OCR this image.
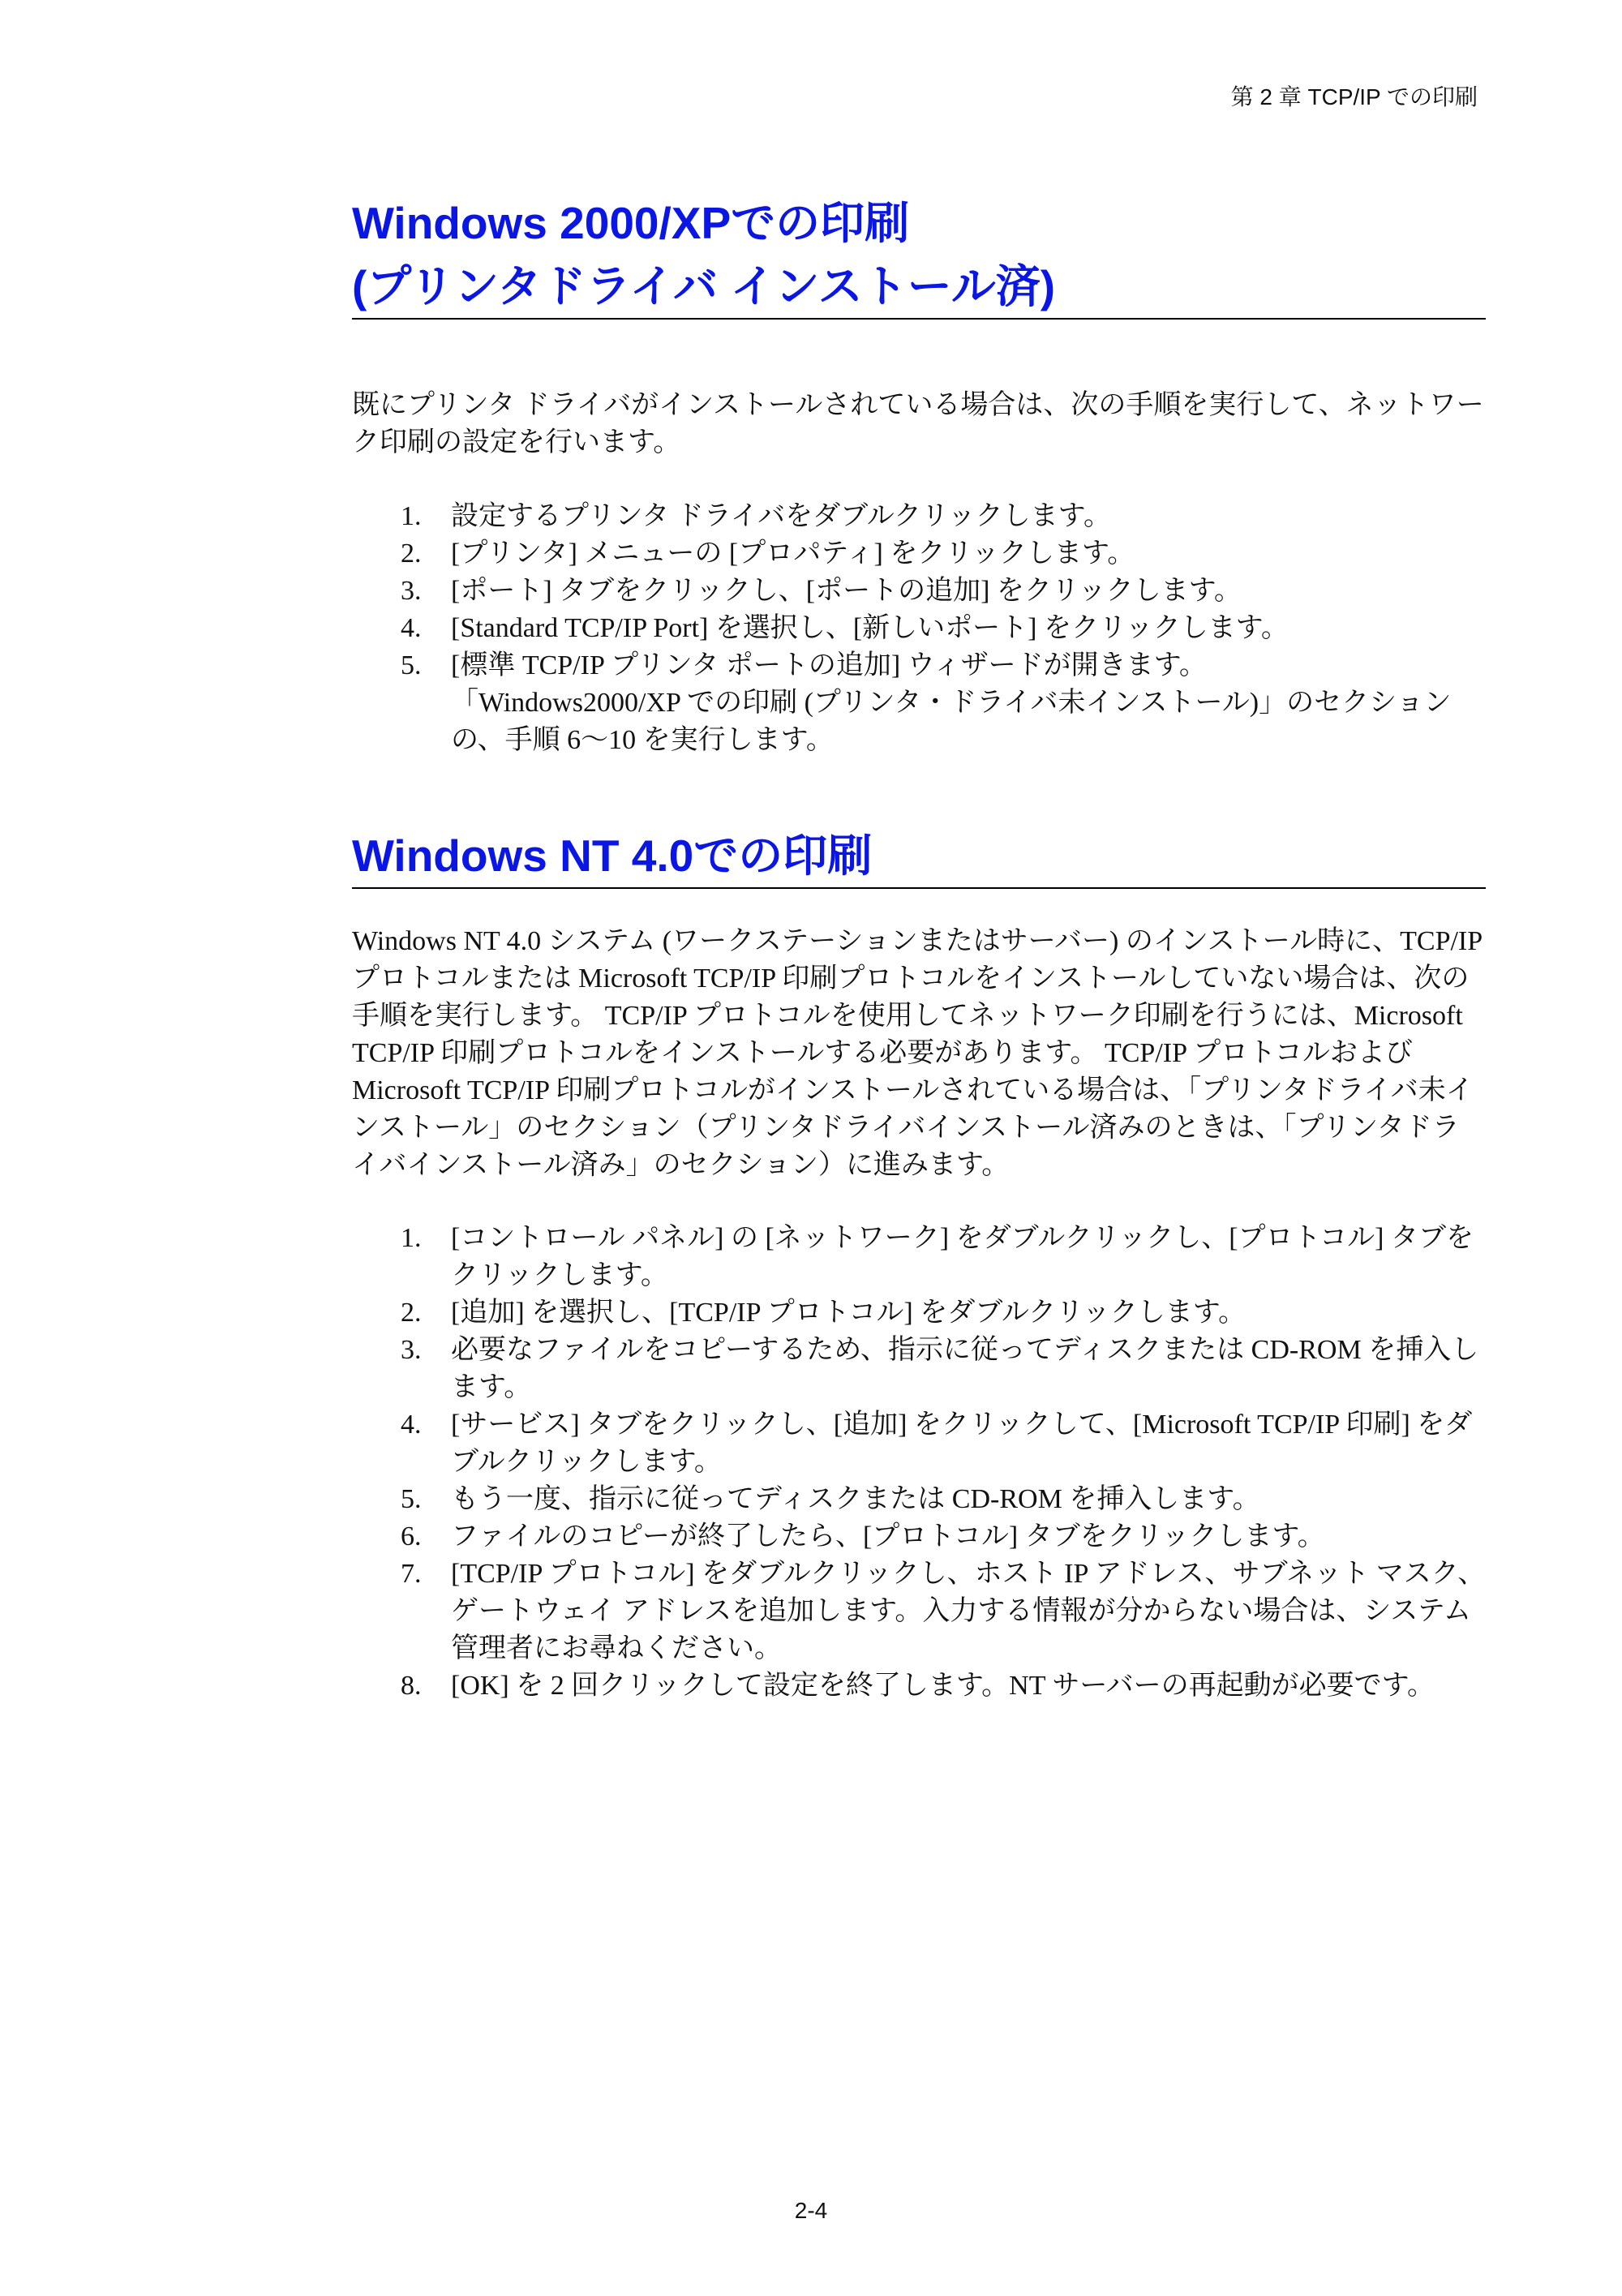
第 2 章 TCP/IP での印刷
Windows 2000/XPでの印刷
(プリンタドライバ インストール済)

既にプリンタ ドライバがインストールされている場合は、次の手順を実行して、ネットワーク印刷の設定を行います。

1. 設定するプリンタ ドライバをダブルクリックします。
2. [プリンタ] メニューの [プロパティ] をクリックします。
3. [ポート] タブをクリックし、[ポートの追加] をクリックします。
4. [Standard TCP/IP Port] を選択し、[新しいポート] をクリックします。
5. [標準 TCP/IP プリンタ ポートの追加] ウィザードが開きます。
「Windows2000/XP での印刷 (プリンタ・ドライバ未インストール)」のセクションの、手順 6～10 を実行します。
Windows NT 4.0での印刷

Windows NT 4.0 システム (ワークステーションまたはサーバー) のインストール時に、TCP/IP プロトコルまたは Microsoft TCP/IP 印刷プロトコルをインストールしていない場合は、次の手順を実行します。 TCP/IP プロトコルを使用してネットワーク印刷を行うには、Microsoft TCP/IP 印刷プロトコルをインストールする必要があります。 TCP/IP プロトコルおよび Microsoft TCP/IP 印刷プロトコルがインストールされている場合は、「プリンタドライバ未インストール」のセクション（プリンタドライバインストール済みのときは、「プリンタドライバインストール済み」のセクション）に進みます。

1. [コントロール パネル] の [ネットワーク] をダブルクリックし、[プロトコル] タブをクリックします。
2. [追加] を選択し、[TCP/IP プロトコル] をダブルクリックします。
3. 必要なファイルをコピーするため、指示に従ってディスクまたは CD-ROM を挿入します。
4. [サービス] タブをクリックし、[追加] をクリックして、[Microsoft TCP/IP 印刷] をダブルクリックします。
5. もう一度、指示に従ってディスクまたは CD-ROM を挿入します。
6. ファイルのコピーが終了したら、[プロトコル] タブをクリックします。
7. [TCP/IP プロトコル] をダブルクリックし、ホスト IP アドレス、サブネット マスク、ゲートウェイ アドレスを追加します。入力する情報が分からない場合は、システム管理者にお尋ねください。
8. [OK] を 2 回クリックして設定を終了します。NT サーバーの再起動が必要です。
2-4
